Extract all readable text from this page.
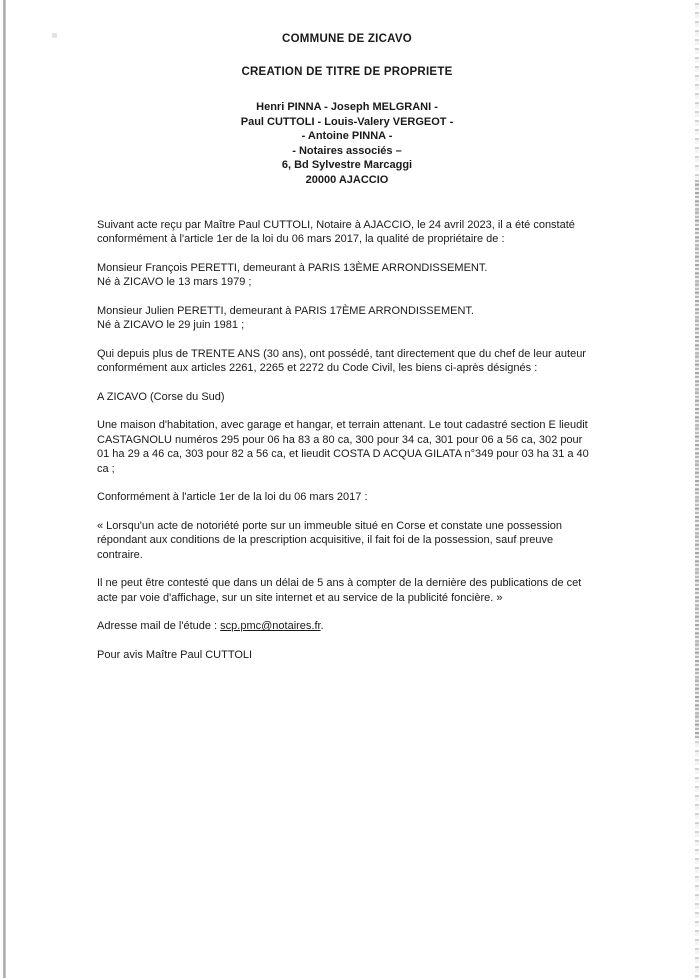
COMMUNE DE ZICAVO
CREATION DE TITRE DE PROPRIETE
Henri PINNA - Joseph MELGRANI -
Paul CUTTOLI - Louis-Valery VERGEOT -
- Antoine PINNA -
- Notaires associés –
6, Bd Sylvestre Marcaggi
20000 AJACCIO

Suivant acte reçu par Maître Paul CUTTOLI, Notaire à AJACCIO, le 24 avril 2023, il a été constaté conformément à l'article 1er de la loi du 06 mars 2017, la qualité de propriétaire de :

Monsieur François PERETTI, demeurant à PARIS 13ÈME ARRONDISSEMENT.
Né à ZICAVO le 13 mars 1979 ;

Monsieur Julien PERETTI, demeurant à PARIS 17ÈME ARRONDISSEMENT.
Né à ZICAVO le 29 juin 1981 ;

Qui depuis plus de TRENTE ANS (30 ans), ont possédé, tant directement que du chef de leur auteur conformément aux articles 2261, 2265 et 2272 du Code Civil, les biens ci-après désignés :

A ZICAVO (Corse du Sud)

Une maison d'habitation, avec garage et hangar, et terrain attenant. Le tout cadastré section E lieudit   CASTAGNOLU numéros 295 pour 06 ha 83 a 80 ca, 300 pour 34 ca, 301 pour 06 a 56 ca, 302 pour 01 ha 29 a 46 ca, 303 pour 82 a 56 ca, et lieudit COSTA D ACQUA GILATA n°349 pour 03 ha 31 a 40 ca ;

Conformément à l'article 1er de la loi du 06 mars 2017 :

« Lorsqu'un acte de notoriété porte sur un immeuble situé en Corse et constate une possession répondant aux conditions de la prescription acquisitive, il fait foi de la possession, sauf preuve contraire.

Il ne peut être contesté que dans un délai de 5 ans à compter de la dernière des publications de cet acte par voie d'affichage, sur un site internet et au service de la publicité foncière. »

Adresse mail de l'étude : scp.pmc@notaires.fr.

Pour avis Maître Paul CUTTOLI
